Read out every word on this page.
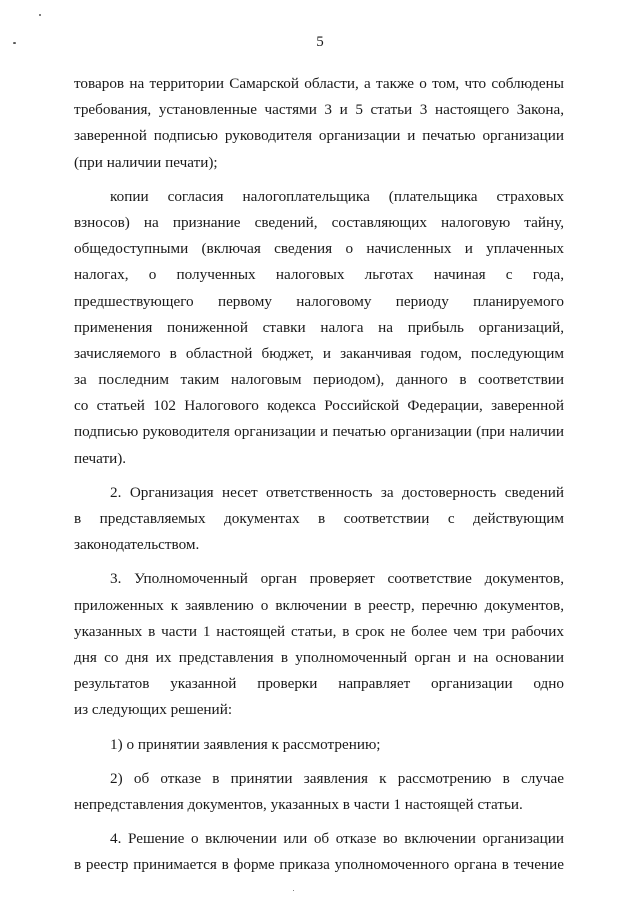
5
товаров на территории Самарской области, а также о том, что соблюдены
требования, установленные частями 3 и 5 статьи 3 настоящего Закона,
заверенной подписью руководителя организации и печатью организации
(при наличии печати);
копии согласия налогоплательщика (плательщика страховых
взносов) на признание сведений, составляющих налоговую тайну,
общедоступными (включая сведения о начисленных и уплаченных
налогах, о полученных налоговых льготах начиная с года,
предшествующего первому налоговому периоду планируемого
применения пониженной ставки налога на прибыль организаций,
зачисляемого в областной бюджет, и заканчивая годом, последующим
за последним таким налоговым периодом), данного в соответствии
со статьей 102 Налогового кодекса Российской Федерации, заверенной
подписью руководителя организации и печатью организации (при наличии
печати).
2. Организация несет ответственность за достоверность сведений
в представляемых документах в соответствии с действующим
законодательством.
3. Уполномоченный орган проверяет соответствие документов,
приложенных к заявлению о включении в реестр, перечню документов,
указанных в части 1 настоящей статьи, в срок не более чем три рабочих
дня со дня их представления в уполномоченный орган и на основании
результатов указанной проверки направляет организации одно
из следующих решений:
1) о принятии заявления к рассмотрению;
2) об отказе в принятии заявления к рассмотрению в случае
непредставления документов, указанных в части 1 настоящей статьи.
4. Решение о включении или об отказе во включении организации
в реестр принимается в форме приказа уполномоченного органа в течение
